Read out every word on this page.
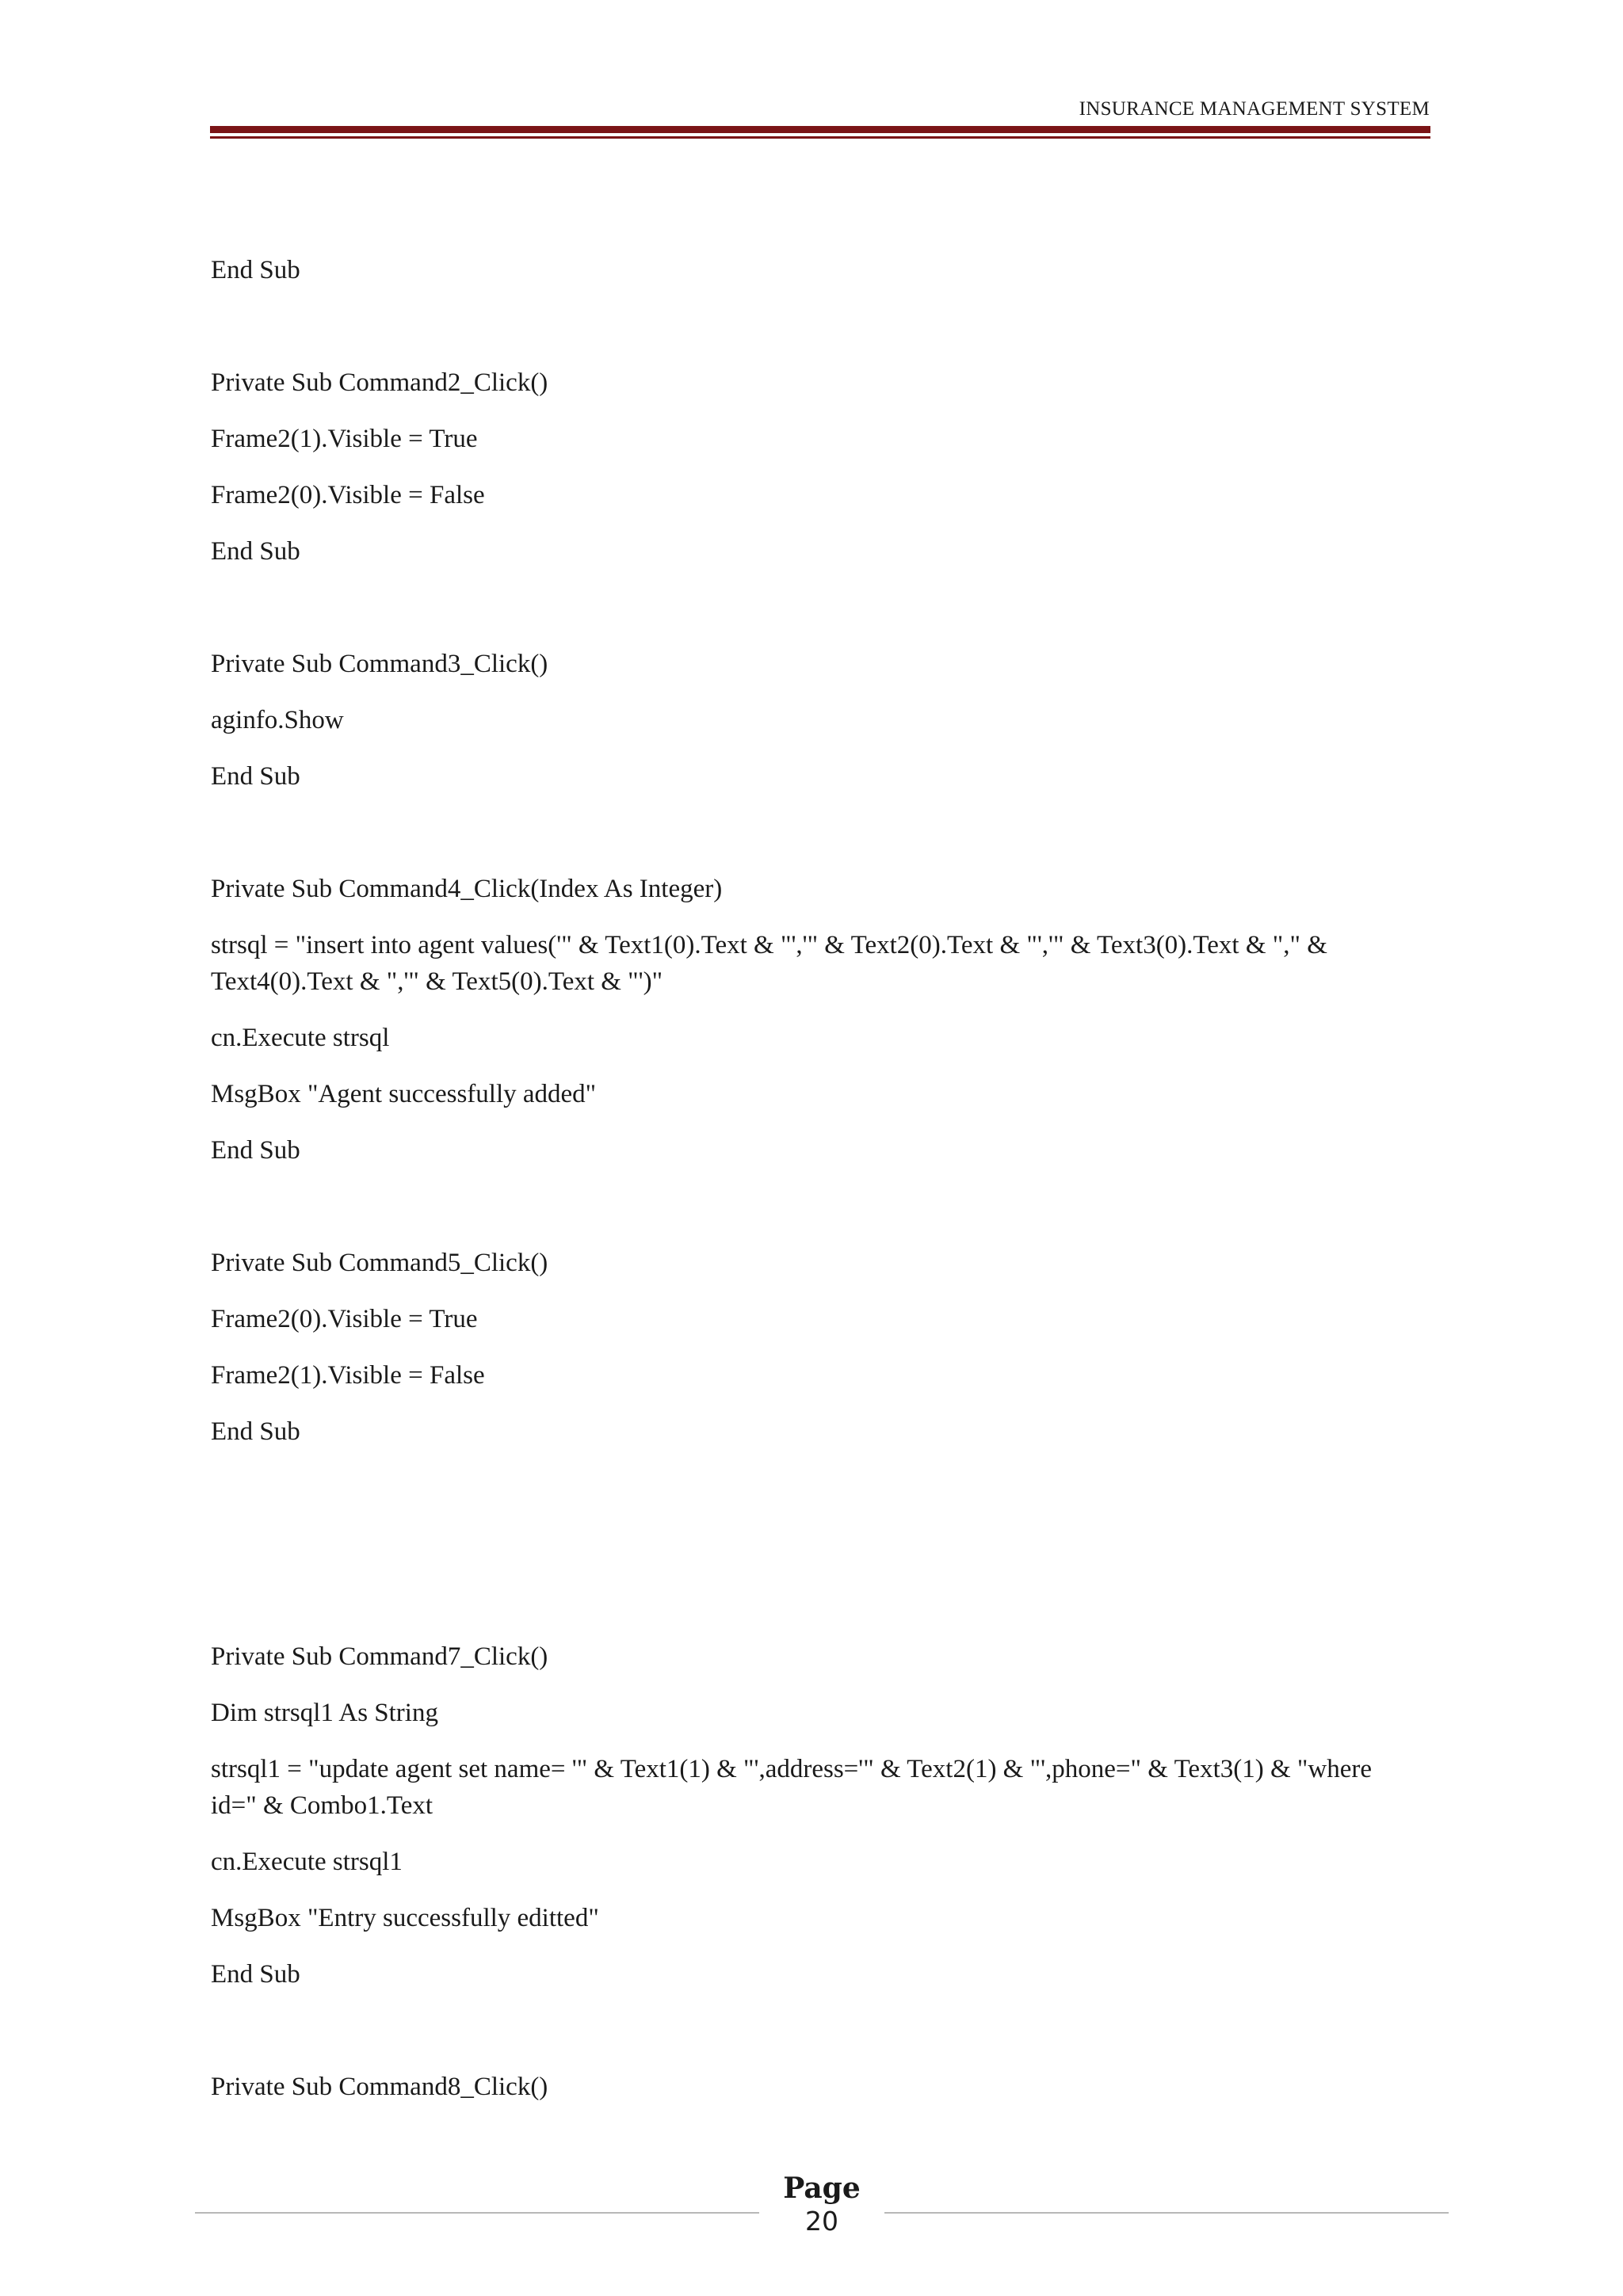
INSURANCE MANAGEMENT SYSTEM
End Sub
Private Sub Command2_Click()
Frame2(1).Visible = True
Frame2(0).Visible = False
End Sub
Private Sub Command3_Click()
aginfo.Show
End Sub
Private Sub Command4_Click(Index As Integer)
strsql = "insert into agent values('" & Text1(0).Text & "','" & Text2(0).Text & "','" & Text3(0).Text & "," & Text4(0).Text & ",'" & Text5(0).Text & "')"
cn.Execute strsql
MsgBox "Agent successfully added"
End Sub
Private Sub Command5_Click()
Frame2(0).Visible = True
Frame2(1).Visible = False
End Sub
Private Sub Command7_Click()
Dim strsql1 As String
strsql1 = "update agent set name= '" & Text1(1) & "',address='" & Text2(1) & "',phone=" & Text3(1) & "where id=" & Combo1.Text
cn.Execute strsql1
MsgBox "Entry successfully editted"
End Sub
Private Sub Command8_Click()
Page
20
